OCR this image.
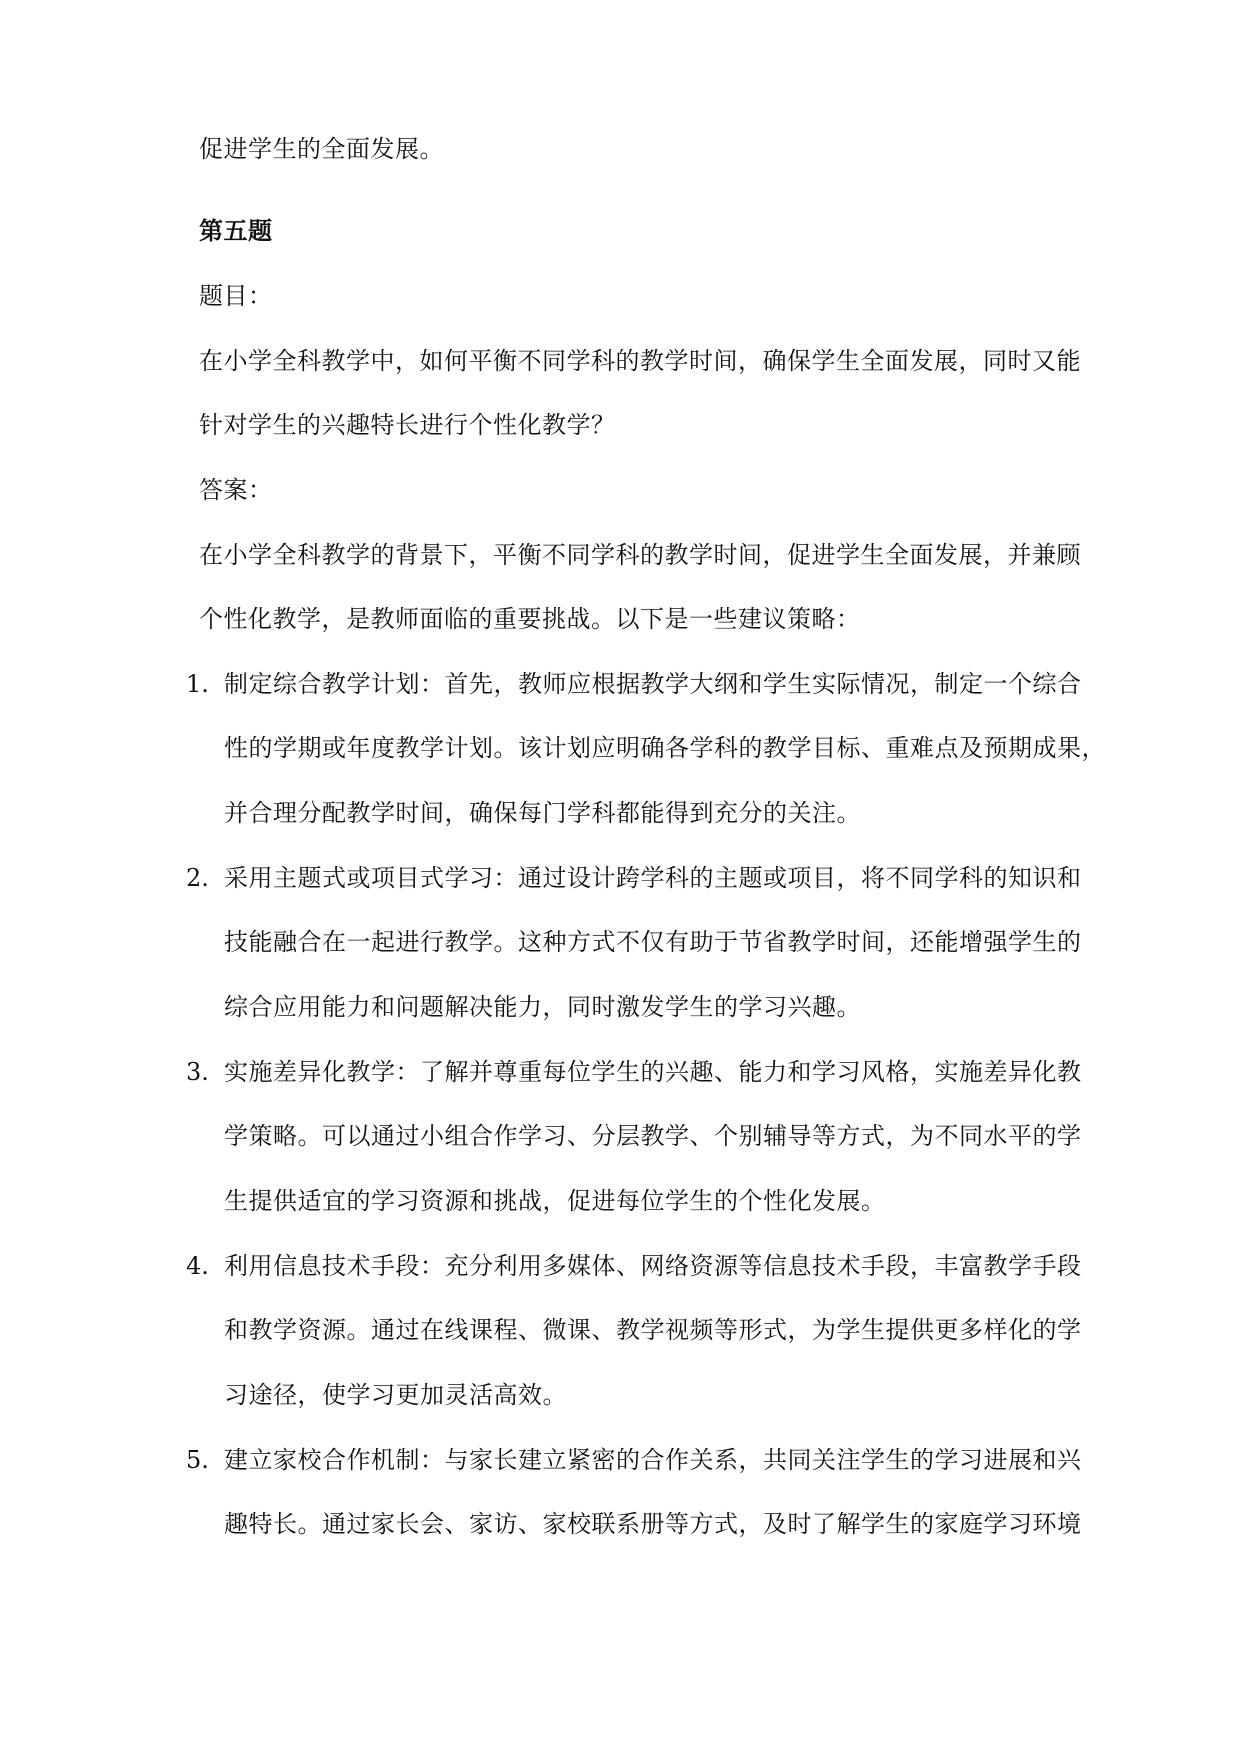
促进学生的全面发展。
第五题
题目：
在小学全科教学中，如何平衡不同学科的教学时间，确保学生全面发展，同时又能
针对学生的兴趣特长进行个性化教学？
答案：
在小学全科教学的背景下，平衡不同学科的教学时间，促进学生全面发展，并兼顾
个性化教学，是教师面临的重要挑战。以下是一些建议策略：
1. 制定综合教学计划：首先，教师应根据教学大纲和学生实际情况，制定一个综合
性的学期或年度教学计划。该计划应明确各学科的教学目标、重难点及预期成果，
并合理分配教学时间，确保每门学科都能得到充分的关注。
2. 采用主题式或项目式学习：通过设计跨学科的主题或项目，将不同学科的知识和
技能融合在一起进行教学。这种方式不仅有助于节省教学时间，还能增强学生的
综合应用能力和问题解决能力，同时激发学生的学习兴趣。
3. 实施差异化教学：了解并尊重每位学生的兴趣、能力和学习风格，实施差异化教
学策略。可以通过小组合作学习、分层教学、个别辅导等方式，为不同水平的学
生提供适宜的学习资源和挑战，促进每位学生的个性化发展。
4. 利用信息技术手段：充分利用多媒体、网络资源等信息技术手段，丰富教学手段
和教学资源。通过在线课程、微课、教学视频等形式，为学生提供更多样化的学
习途径，使学习更加灵活高效。
5. 建立家校合作机制：与家长建立紧密的合作关系，共同关注学生的学习进展和兴
趣特长。通过家长会、家访、家校联系册等方式，及时了解学生的家庭学习环境
